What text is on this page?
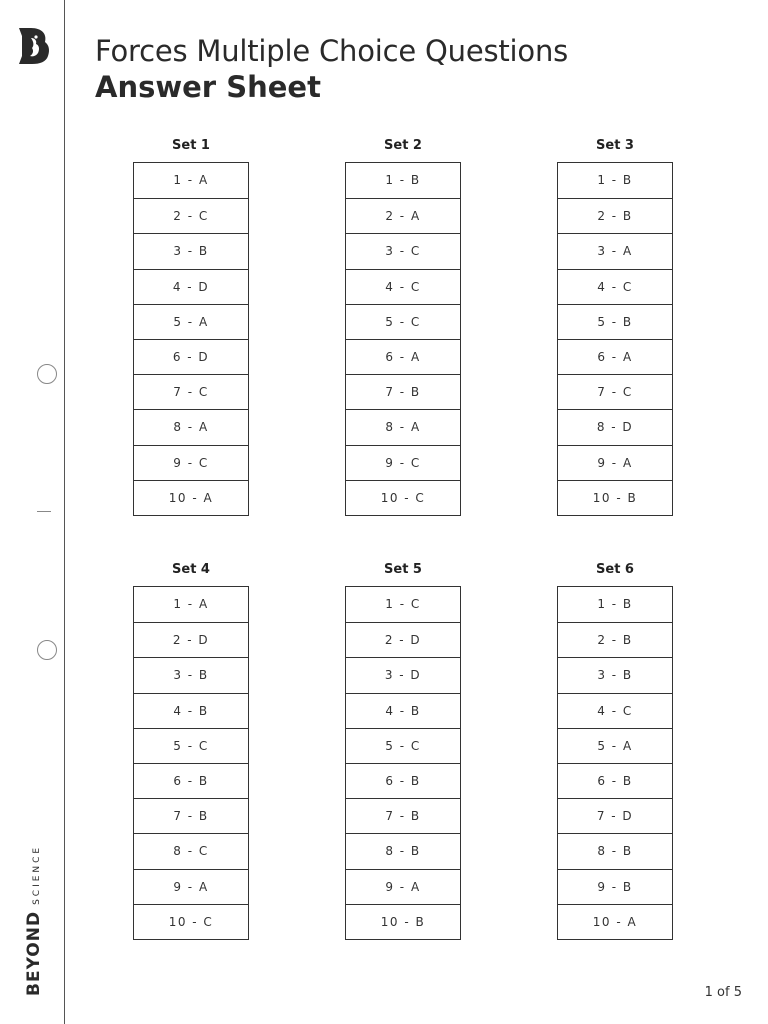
BEYONDSCIENCE
Forces Multiple Choice Questions
Answer Sheet
Set 1
1 - A
2 - C
3 - B
4 - D
5 - A
6 - D
7 - C
8 - A
9 - C
10 - A
Set 2
1 - B
2 - A
3 - C
4 - C
5 - C
6 - A
7 - B
8 - A
9 - C
10 - C
Set 3
1 - B
2 - B
3 - A
4 - C
5 - B
6 - A
7 - C
8 - D
9 - A
10 - B
Set 4
1 - A
2 - D
3 - B
4 - B
5 - C
6 - B
7 - B
8 - C
9 - A
10 - C
Set 5
1 - C
2 - D
3 - D
4 - B
5 - C
6 - B
7 - B
8 - B
9 - A
10 - B
Set 6
1 - B
2 - B
3 - B
4 - C
5 - A
6 - B
7 - D
8 - B
9 - B
10 - A
1 of 5
